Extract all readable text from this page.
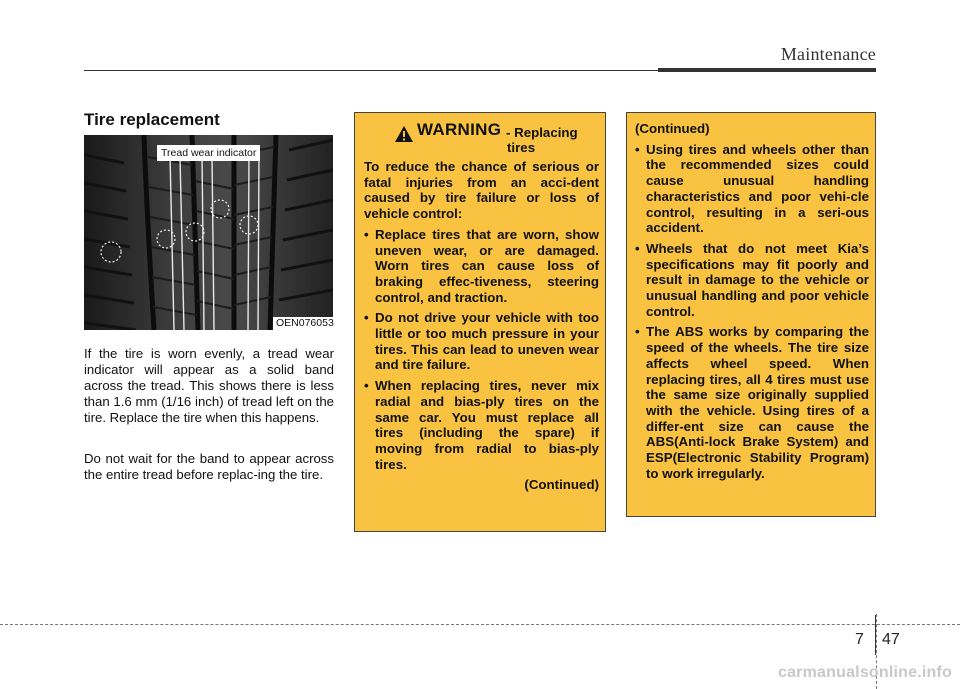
Maintenance
Tire replacement
Tread wear indicator
OEN076053

If the tire is worn evenly, a tread wear indicator will appear as a solid band across the tread. This shows there is less than 1.6 mm (1/16 inch) of tread left on the tire. Replace the tire when this happens.

Do not wait for the band to appear across the entire tread before replac-ing the tire.

WARNING - Replacing
tires

To reduce the chance of serious or fatal injuries from an acci-dent caused by tire failure or loss of vehicle control:

• Replace tires that are worn, show uneven wear, or are damaged. Worn tires can cause loss of braking effec-tiveness, steering control, and traction.
• Do not drive your vehicle with too little or too much pressure in your tires. This can lead to uneven wear and tire failure.
• When replacing tires, never mix radial and bias-ply tires on the same car. You must replace all tires (including the spare) if moving from radial to bias-ply tires.
(Continued)
(Continued)
• Using tires and wheels other than the recommended sizes could cause unusual handling characteristics and poor vehi-cle control, resulting in a seri-ous accident.
• Wheels that do not meet Kia’s specifications may fit poorly and result in damage to the vehicle or unusual handling and poor vehicle control.
• The ABS works by comparing the speed of the wheels. The tire size affects wheel speed. When replacing tires, all 4 tires must use the same size originally supplied with the vehicle. Using tires of a differ-ent size can cause the ABS(Anti-lock Brake System) and ESP(Electronic Stability Program) to work irregularly.
7 47
carmanualsonline.info
